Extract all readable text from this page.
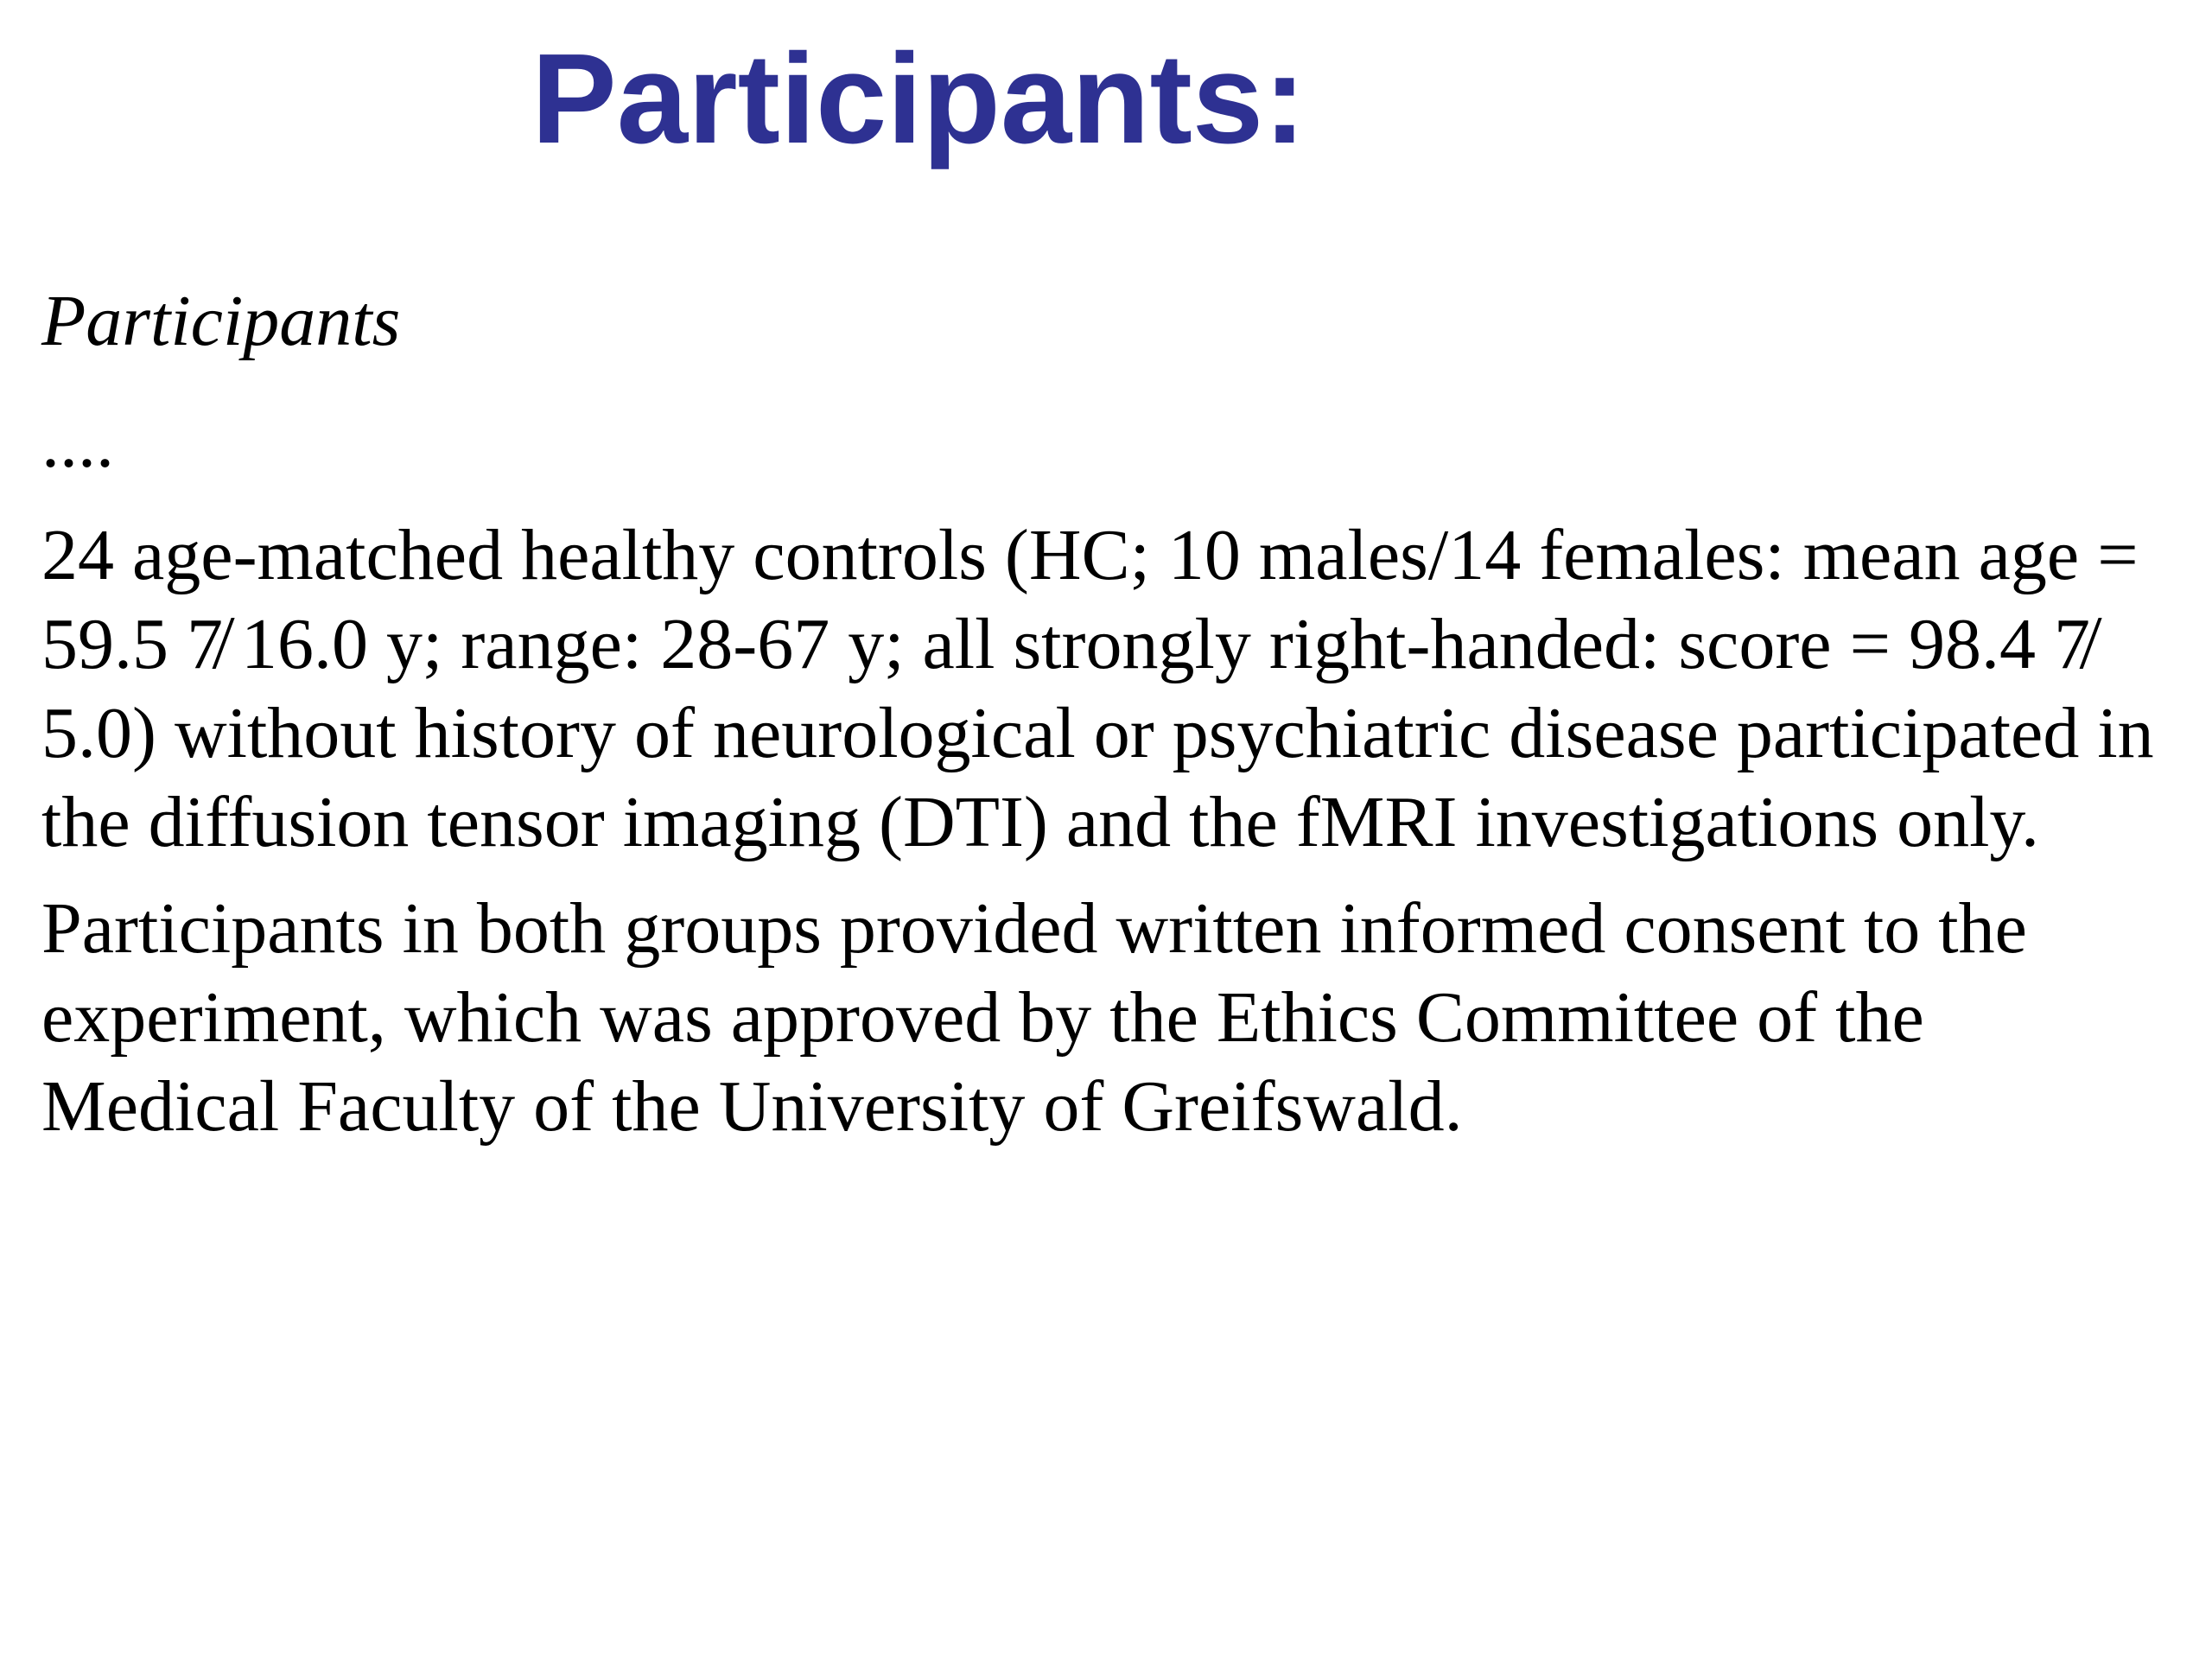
Participants:

Participants

....

24 age-matched healthy controls (HC; 10 males/14 females: mean age =

59.5 7̸ 16.0 y; range: 28-67 y; all strongly right-handed: score = 98.4 7̸

5.0) without history of neurological or psychiatric disease participated in

the diffusion tensor imaging (DTI) and the fMRI investigations only.

Participants in both groups provided written informed consent to the

experiment, which was approved by the Ethics Committee of the

Medical Faculty of the University of Greifswald.
